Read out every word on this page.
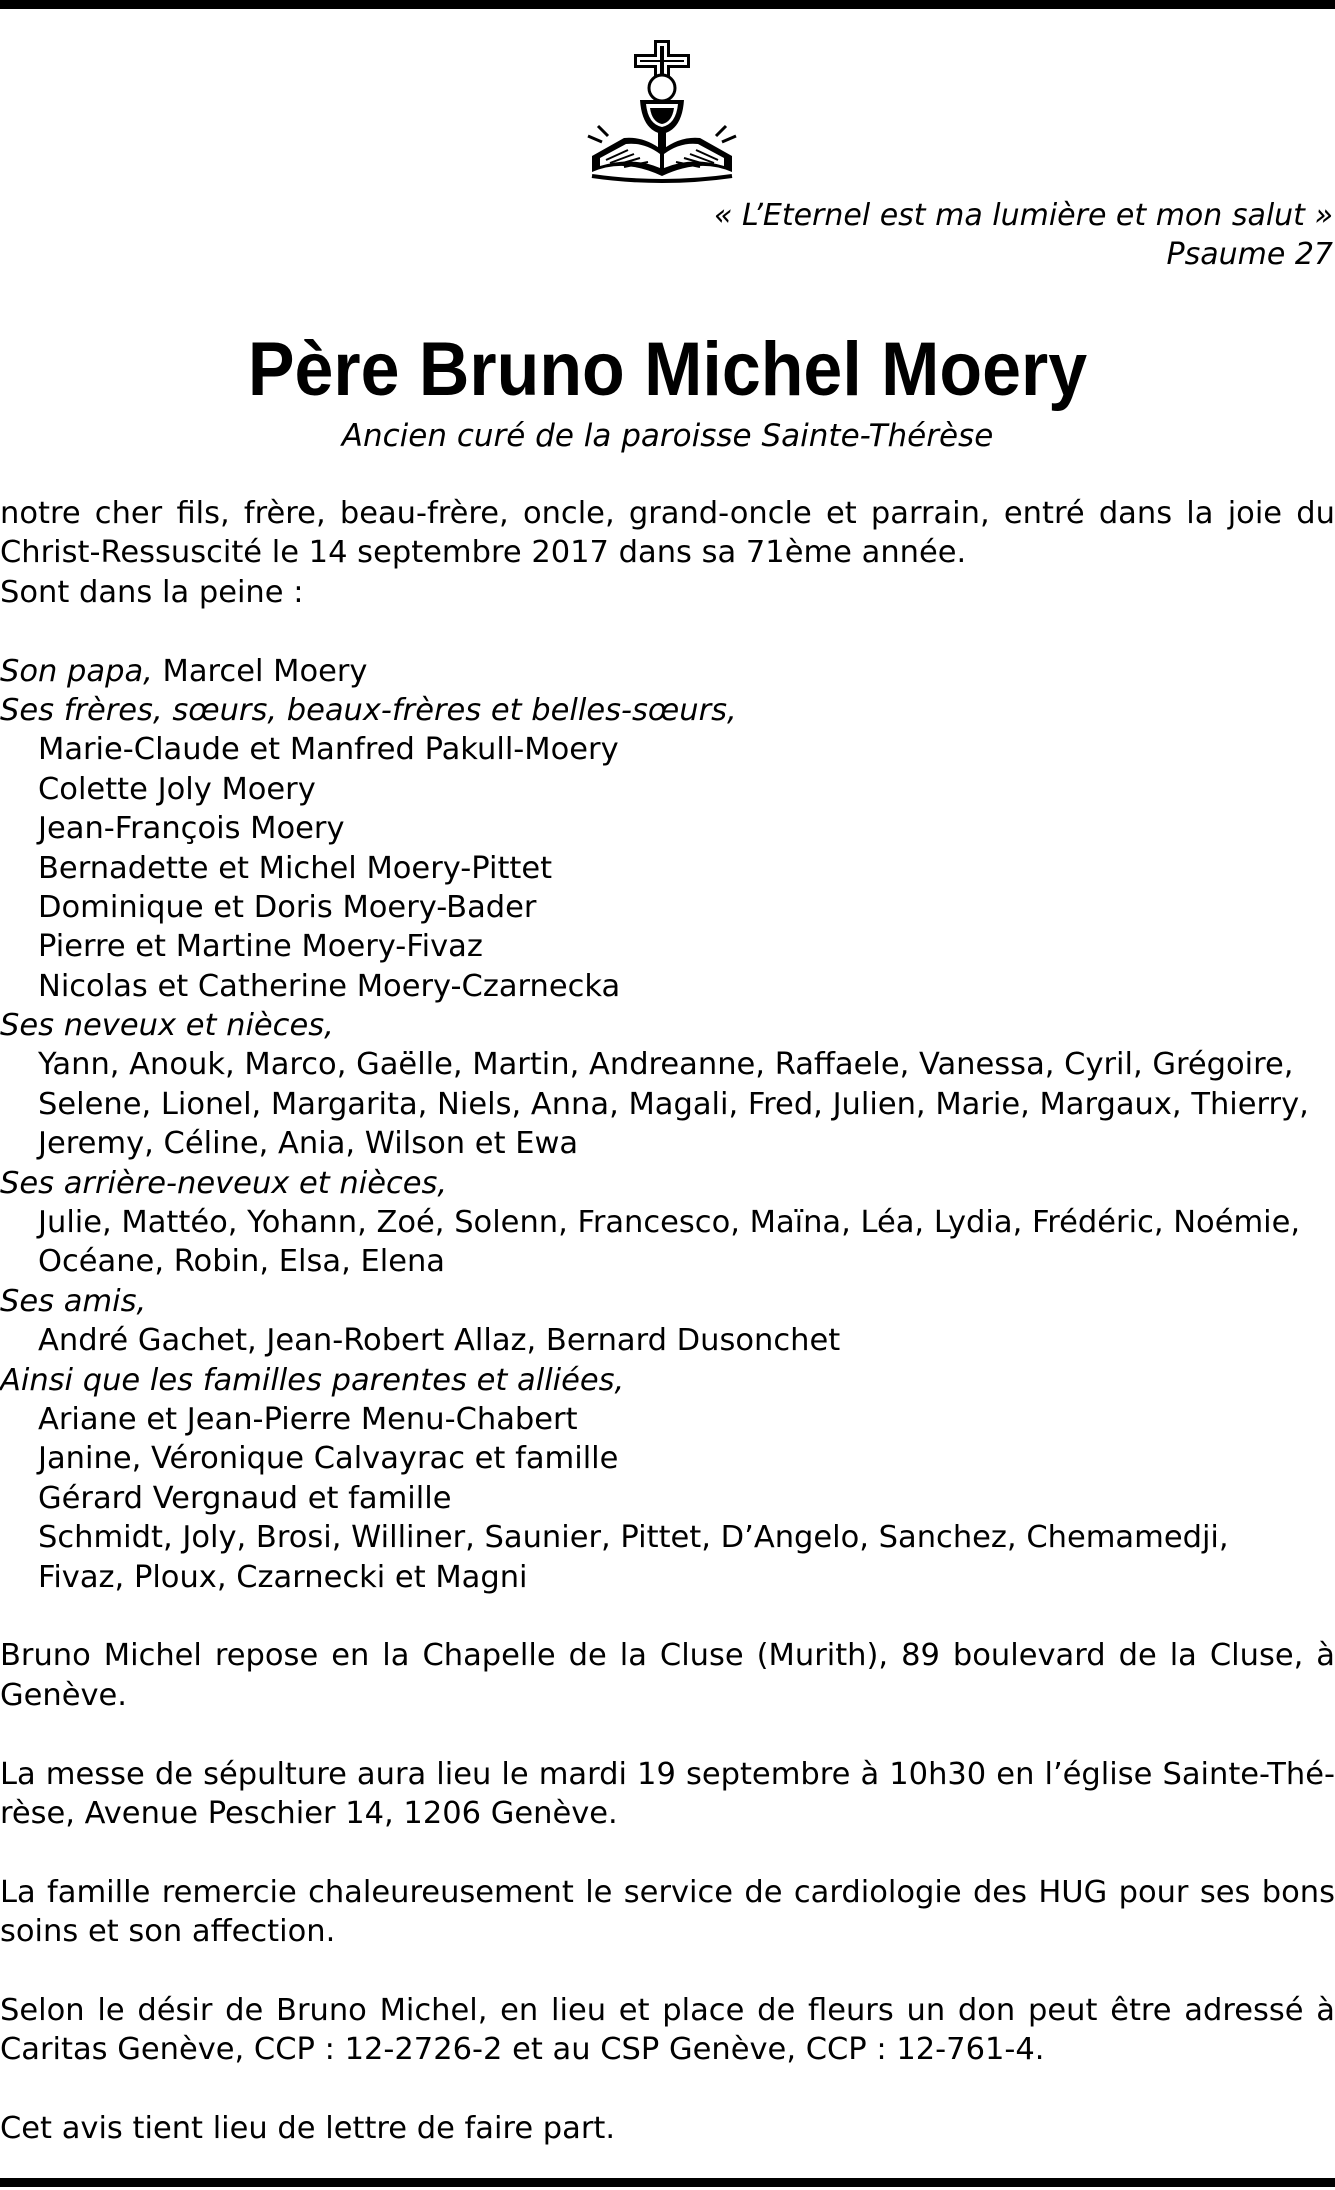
« L’Eternel est ma lumière et mon salut »
Psaume 27
Père Bruno Michel Moery
Ancien curé de la paroisse Sainte-Thérèse
notre cher fils, frère, beau-frère, oncle, grand-oncle et parrain, entré dans la joie du
Christ-Ressuscité le 14 septembre 2017 dans sa 71ème année.
Sont dans la peine :
Son papa, Marcel Moery
Ses frères, sœurs, beaux-frères et belles-sœurs,
Marie-Claude et Manfred Pakull-Moery
Colette Joly Moery
Jean-François Moery
Bernadette et Michel Moery-Pittet
Dominique et Doris Moery-Bader
Pierre et Martine Moery-Fivaz
Nicolas et Catherine Moery-Czarnecka
Ses neveux et nièces,
Yann, Anouk, Marco, Gaëlle, Martin, Andreanne, Raffaele, Vanessa, Cyril, Grégoire,
Selene, Lionel, Margarita, Niels, Anna, Magali, Fred, Julien, Marie, Margaux, Thierry,
Jeremy, Céline, Ania, Wilson et Ewa
Ses arrière-neveux et nièces,
Julie, Mattéo, Yohann, Zoé, Solenn, Francesco, Maïna, Léa, Lydia, Frédéric, Noémie,
Océane, Robin, Elsa, Elena
Ses amis,
André Gachet, Jean-Robert Allaz, Bernard Dusonchet
Ainsi que les familles parentes et alliées,
Ariane et Jean-Pierre Menu-Chabert
Janine, Véronique Calvayrac et famille
Gérard Vergnaud et famille
Schmidt, Joly, Brosi, Williner, Saunier, Pittet, D’Angelo, Sanchez, Chemamedji,
Fivaz, Ploux, Czarnecki et Magni
Bruno Michel repose en la Chapelle de la Cluse (Murith), 89 boulevard de la Cluse, à
Genève.
La messe de sépulture aura lieu le mardi 19 septembre à 10h30 en l’église Sainte-Thé-
rèse, Avenue Peschier 14, 1206 Genève.
La famille remercie chaleureusement le service de cardiologie des HUG pour ses bons
soins et son affection.
Selon le désir de Bruno Michel, en lieu et place de fleurs un don peut être adressé à
Caritas Genève, CCP : 12-2726-2 et au CSP Genève, CCP : 12-761-4.
Cet avis tient lieu de lettre de faire part.
